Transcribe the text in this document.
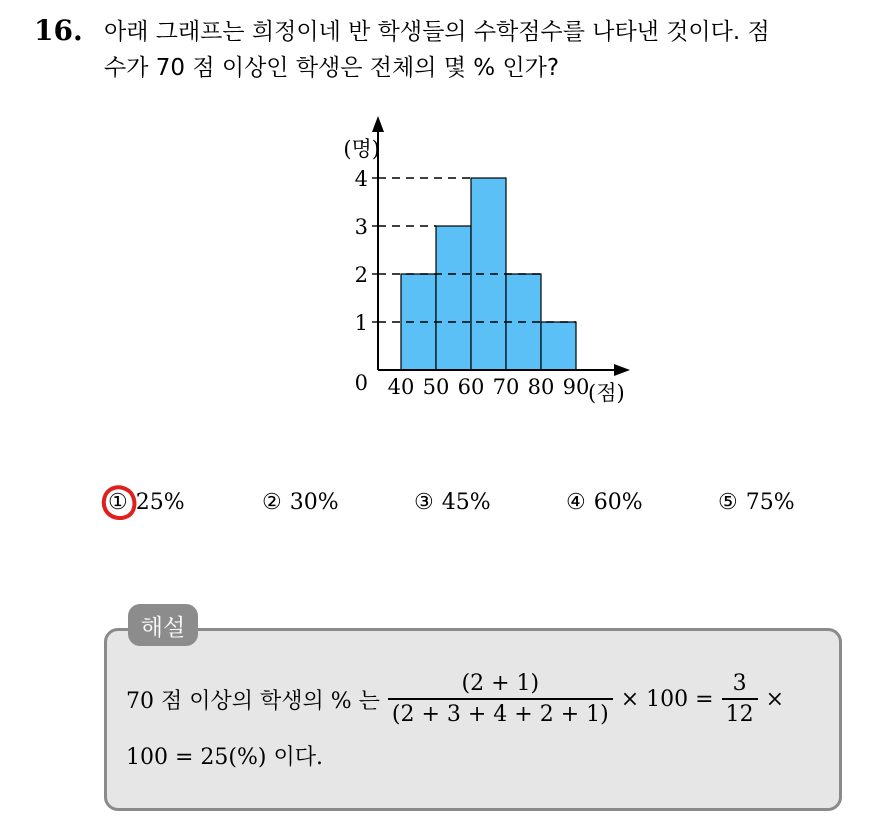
16. 아래 그래프는 희정이네 반 학생들의 수학점수를 나타낸 것이다. 점
수가 70 점 이상인 학생은 전체의 몇 % 인가?
1
2
3
4
40 50 60 70 80 90
0
(명)
(점)
① 25%	② 30%	③ 45%	④ 60%	⑤ 75%
해설
70 점 이상의 학생의 % 는 $\frac{(2 + 1)}{(2 + 3 + 4 + 2 + 1)} \times 100 = \frac{3}{12}$ ×
100 = 25(%) 이다.
